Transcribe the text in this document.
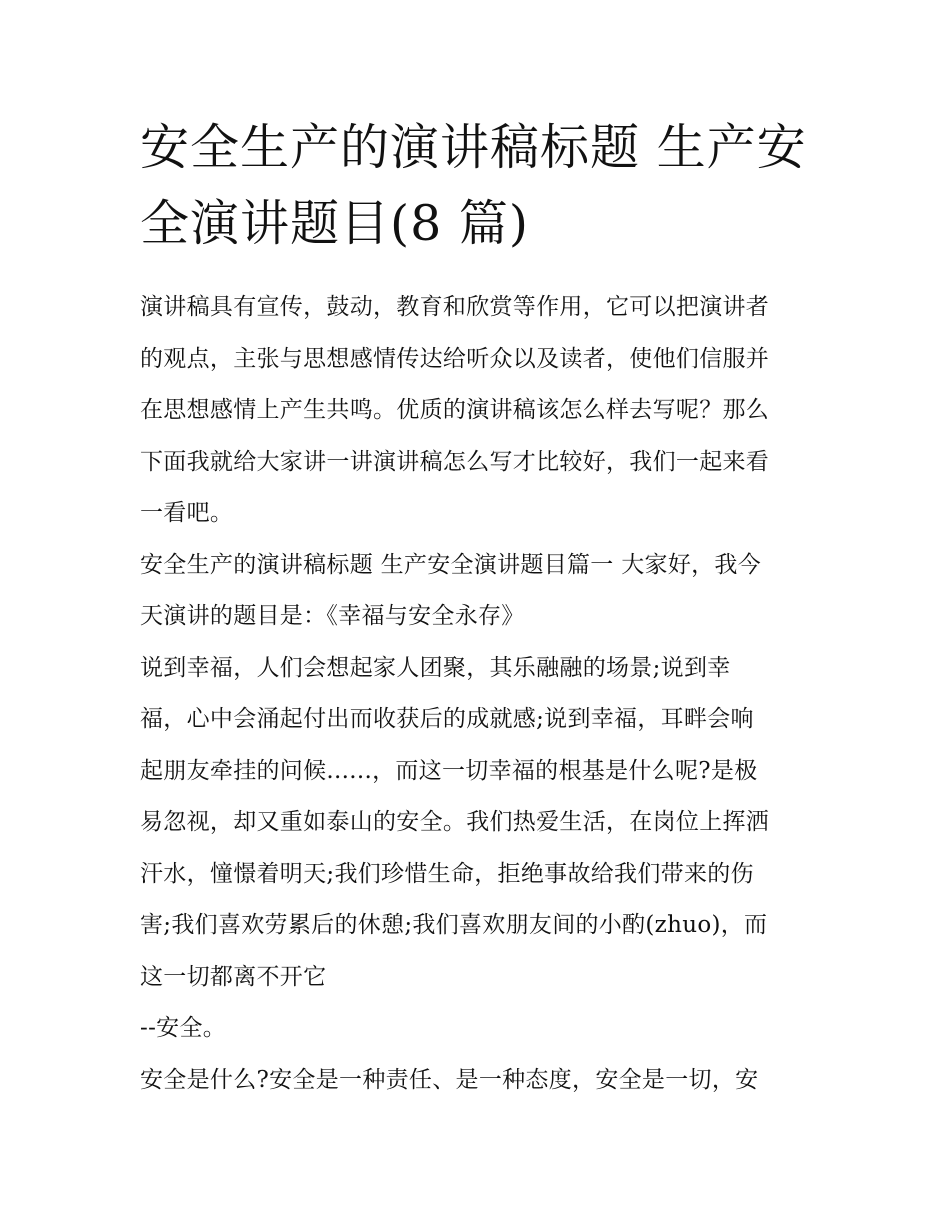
安全生产的演讲稿标题 生产安
全演讲题目(8 篇)

演讲稿具有宣传，鼓动，教育和欣赏等作用，它可以把演讲者
的观点，主张与思想感情传达给听众以及读者，使他们信服并
在思想感情上产生共鸣。优质的演讲稿该怎么样去写呢？那么
下面我就给大家讲一讲演讲稿怎么写才比较好，我们一起来看
一看吧。

安全生产的演讲稿标题 生产安全演讲题目篇一 大家好，我今
天演讲的题目是：《幸福与安全永存》

说到幸福，人们会想起家人团聚，其乐融融的场景;说到幸
福，心中会涌起付出而收获后的成就感;说到幸福，耳畔会响
起朋友牵挂的问候......，而这一切幸福的根基是什么呢?是极
易忽视，却又重如泰山的安全。我们热爱生活，在岗位上挥洒
汗水，憧憬着明天;我们珍惜生命，拒绝事故给我们带来的伤
害;我们喜欢劳累后的休憩;我们喜欢朋友间的小酌(zhuo)，而
这一切都离不开它

--安全。

安全是什么?安全是一种责任、是一种态度，安全是一切，安
